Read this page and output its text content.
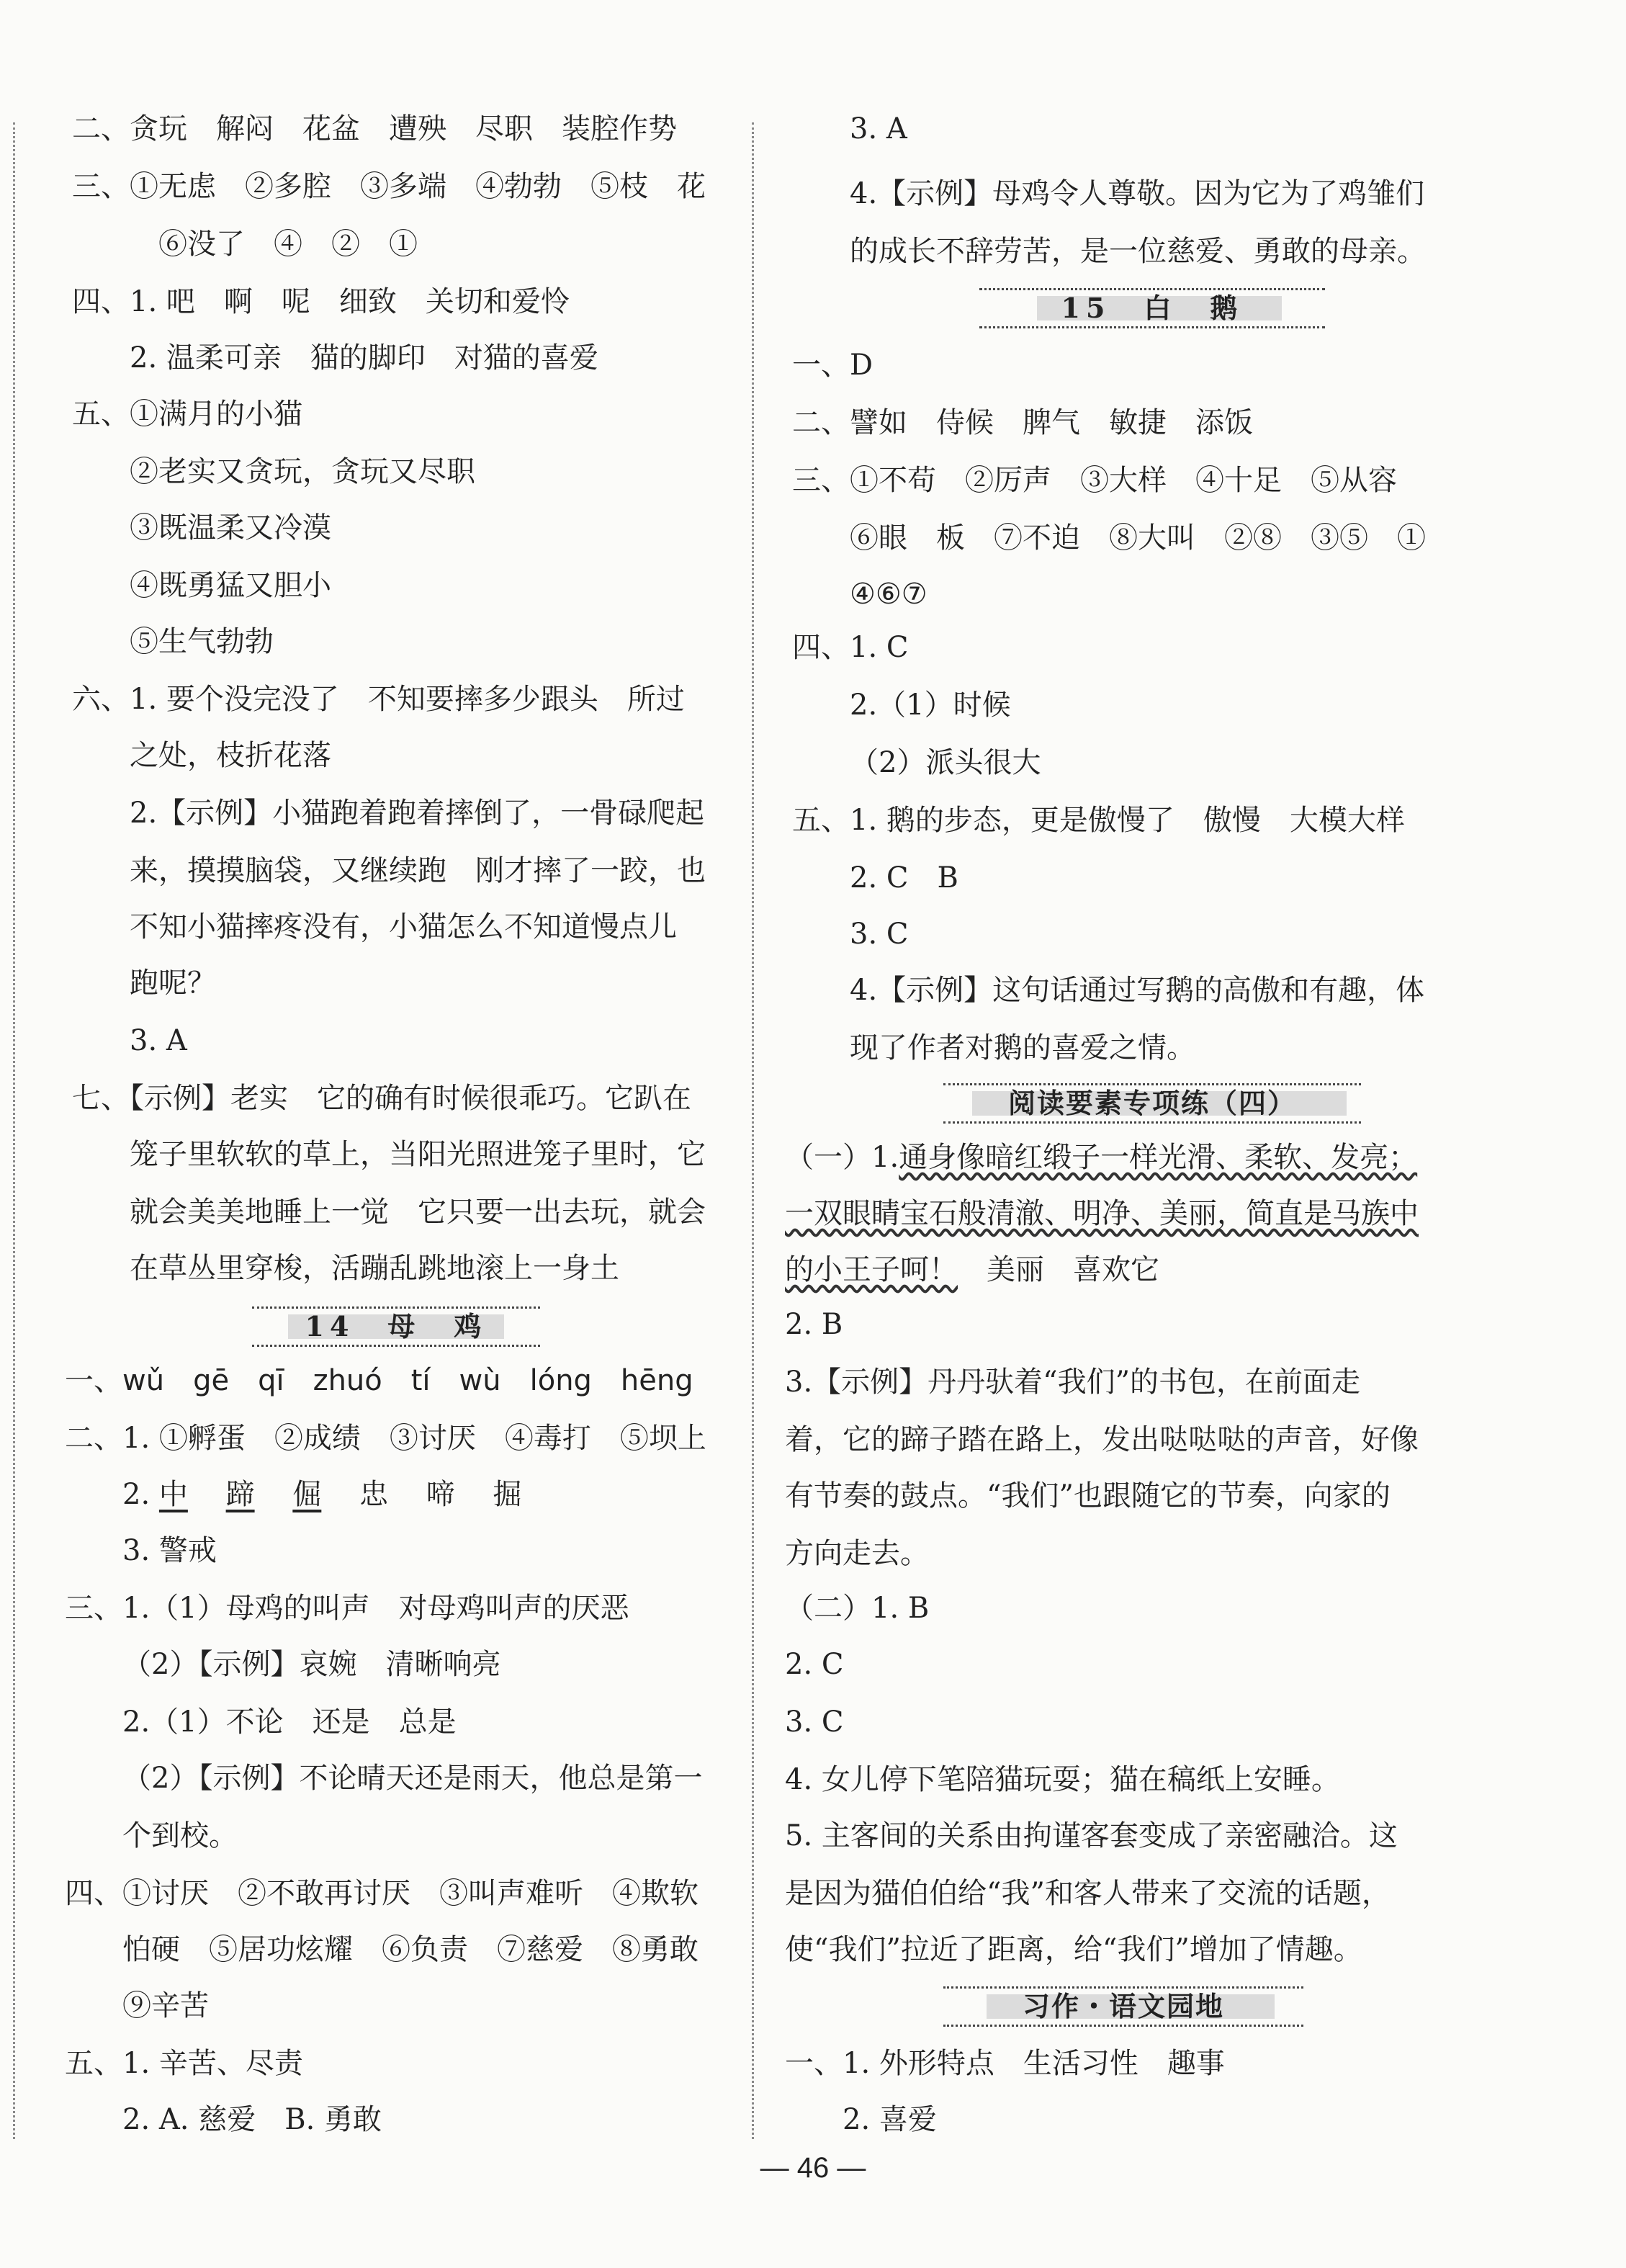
二、贪玩　解闷　花盆　遭殃　尽职　装腔作势
三、①无虑　②多腔　③多端　④勃勃　⑤枝　花
⑥没了　④　②　①
四、1. 吧　啊　呢　细致　关切和爱怜
2. 温柔可亲　猫的脚印　对猫的喜爱
五、①满月的小猫
②老实又贪玩，贪玩又尽职
③既温柔又冷漠
④既勇猛又胆小
⑤生气勃勃
六、1. 要个没完没了　不知要摔多少跟头　所过
之处，枝折花落
2.【示例】小猫跑着跑着摔倒了，一骨碌爬起
来，摸摸脑袋，又继续跑　刚才摔了一跤，也
不知小猫摔疼没有，小猫怎么不知道慢点儿
跑呢？
3. A
七、【示例】老实　它的确有时候很乖巧。它趴在
笼子里软软的草上，当阳光照进笼子里时，它
就会美美地睡上一觉　它只要一出去玩，就会
在草丛里穿梭，活蹦乱跳地滚上一身土
14　母　鸡
一、wǔ　gē　qī　zhuó　tí　wù　lóng　hēng
二、1. ①孵蛋　②成绩　③讨厌　④毒打　⑤坝上
2. 中　 蹄　 倔　 忠　 啼　 掘
3. 警戒
三、1.（1）母鸡的叫声　对母鸡叫声的厌恶
（2）【示例】哀婉　清晰响亮
2.（1）不论　还是　总是
（2）【示例】不论晴天还是雨天，他总是第一
个到校。
四、①讨厌　②不敢再讨厌　③叫声难听　④欺软
怕硬　⑤居功炫耀　⑥负责　⑦慈爱　⑧勇敢
⑨辛苦
五、1. 辛苦、尽责
2. A. 慈爱　B. 勇敢
3. A
4.【示例】母鸡令人尊敬。因为它为了鸡雏们
的成长不辞劳苦，是一位慈爱、勇敢的母亲。
15　白　鹅
一、D
二、譬如　侍候　脾气　敏捷　添饭
三、①不苟　②厉声　③大样　④十足　⑤从容
⑥眼　板　⑦不迫　⑧大叫　②⑧　③⑤　①
④⑥⑦
四、1. C
2.（1）时候
（2）派头很大
五、1. 鹅的步态，更是傲慢了　傲慢　大模大样
2. C　B
3. C
4.【示例】这句话通过写鹅的高傲和有趣，体
现了作者对鹅的喜爱之情。
阅读要素专项练（四）
（一）1.通身像暗红缎子一样光滑、柔软、发亮；
一双眼睛宝石般清澈、明净、美丽，简直是马族中
的小王子呵！　美丽　喜欢它
2. B
3.【示例】丹丹驮着“我们”的书包，在前面走
着，它的蹄子踏在路上，发出哒哒哒的声音，好像
有节奏的鼓点。“我们”也跟随它的节奏，向家的
方向走去。
（二）1. B
2. C
3. C
4. 女儿停下笔陪猫玩耍；猫在稿纸上安睡。
5. 主客间的关系由拘谨客套变成了亲密融洽。这
是因为猫伯伯给“我”和客人带来了交流的话题，
使“我们”拉近了距离，给“我们”增加了情趣。
习作・语文园地
一、1. 外形特点　生活习性　趣事
2. 喜爱
— 46 —
